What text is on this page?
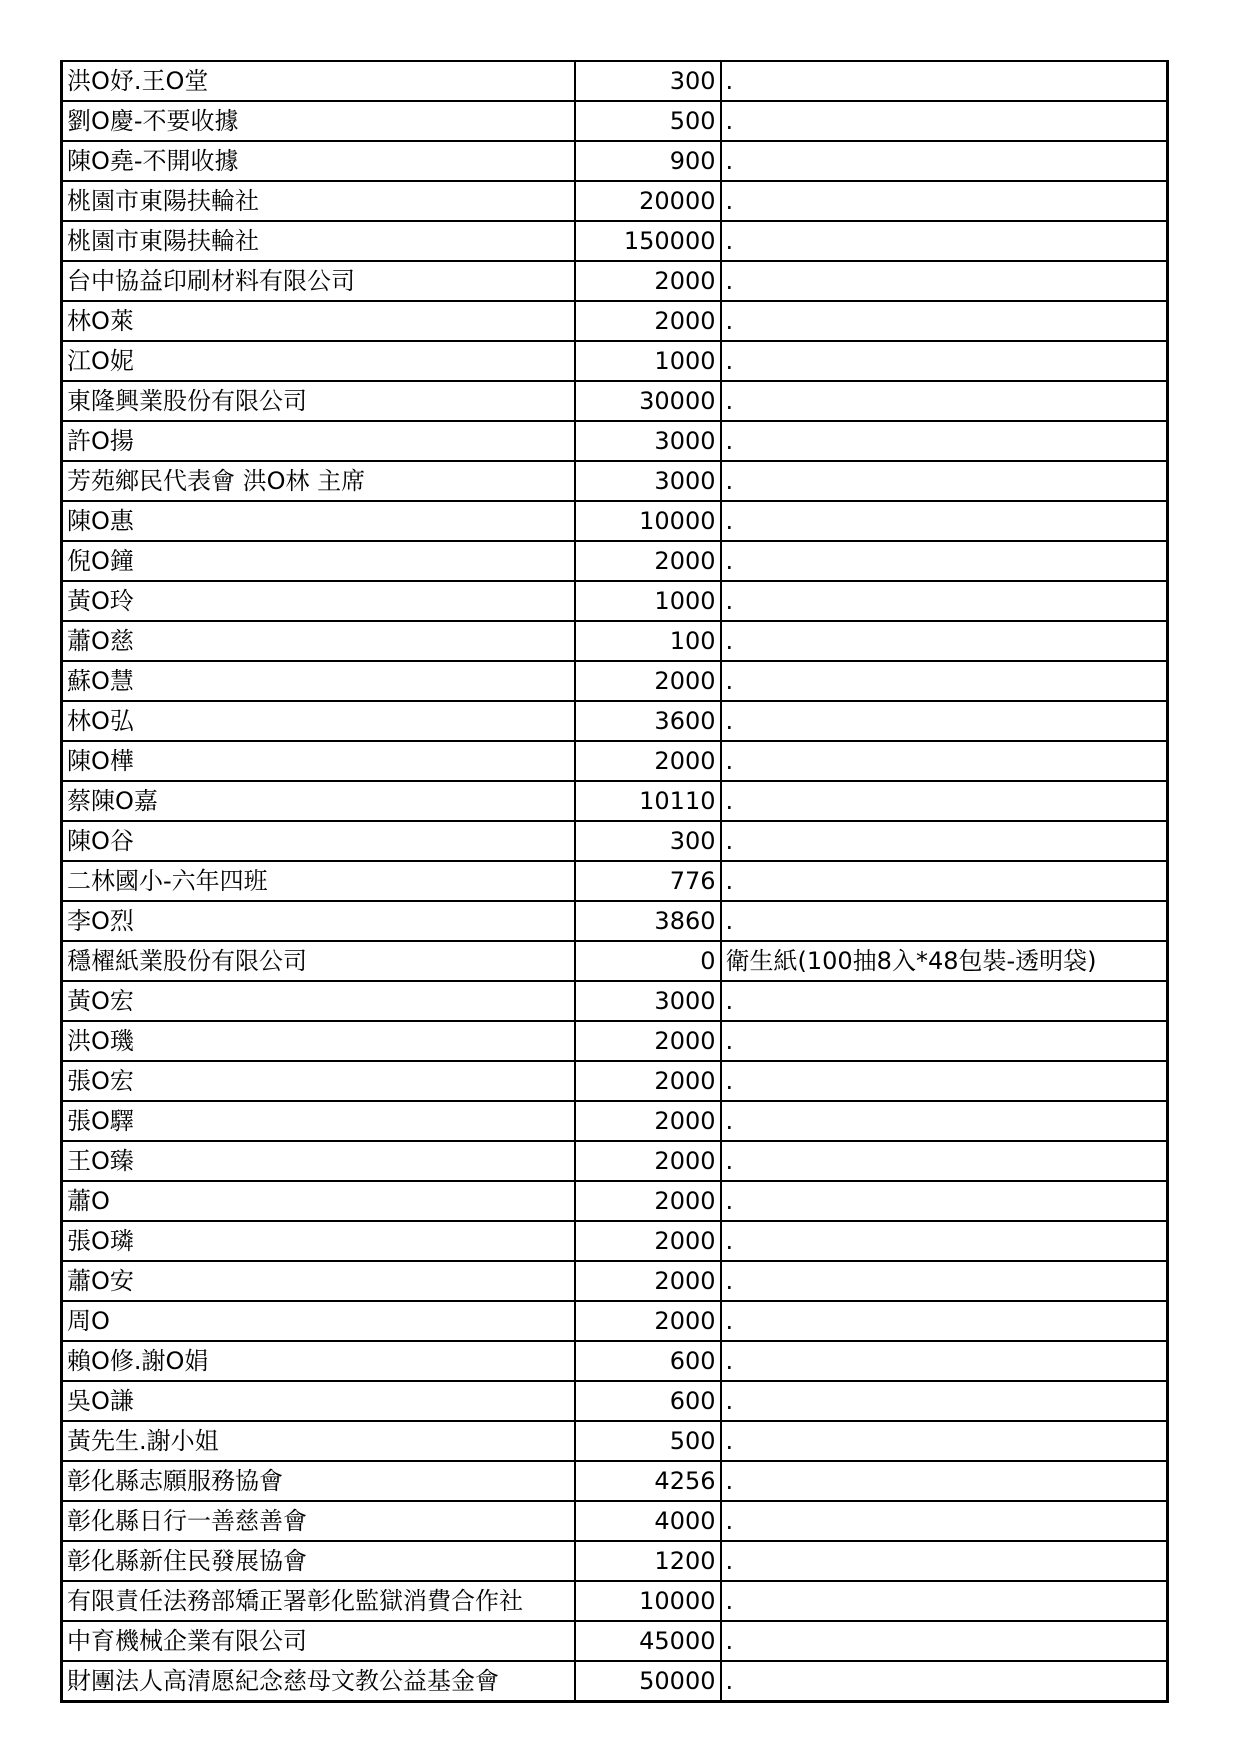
洪O妤.王O堂	300	.
劉O慶-不要收據	500	.
陳O堯-不開收據	900	.
桃園市東陽扶輪社	20000	.
桃園市東陽扶輪社	150000	.
台中協益印刷材料有限公司	2000	.
林O萊	2000	.
江O妮	1000	.
東隆興業股份有限公司	30000	.
許O揚	3000	.
芳苑鄉民代表會 洪O林 主席	3000	.
陳O惠	10000	.
倪O鐘	2000	.
黃O玲	1000	.
蕭O慈	100	.
蘇O慧	2000	.
林O弘	3600	.
陳O樺	2000	.
蔡陳O嘉	10110	.
陳O谷	300	.
二林國小-六年四班	776	.
李O烈	3860	.
穩櫂紙業股份有限公司	0	衛生紙(100抽8入*48包裝-透明袋)
黃O宏	3000	.
洪O璣	2000	.
張O宏	2000	.
張O驛	2000	.
王O臻	2000	.
蕭O	2000	.
張O璘	2000	.
蕭O安	2000	.
周O	2000	.
賴O修.謝O娟	600	.
吳O謙	600	.
黃先生.謝小姐	500	.
彰化縣志願服務協會	4256	.
彰化縣日行一善慈善會	4000	.
彰化縣新住民發展協會	1200	.
有限責任法務部矯正署彰化監獄消費合作社	10000	.
中育機械企業有限公司	45000	.
財團法人高清愿紀念慈母文教公益基金會	50000	.
